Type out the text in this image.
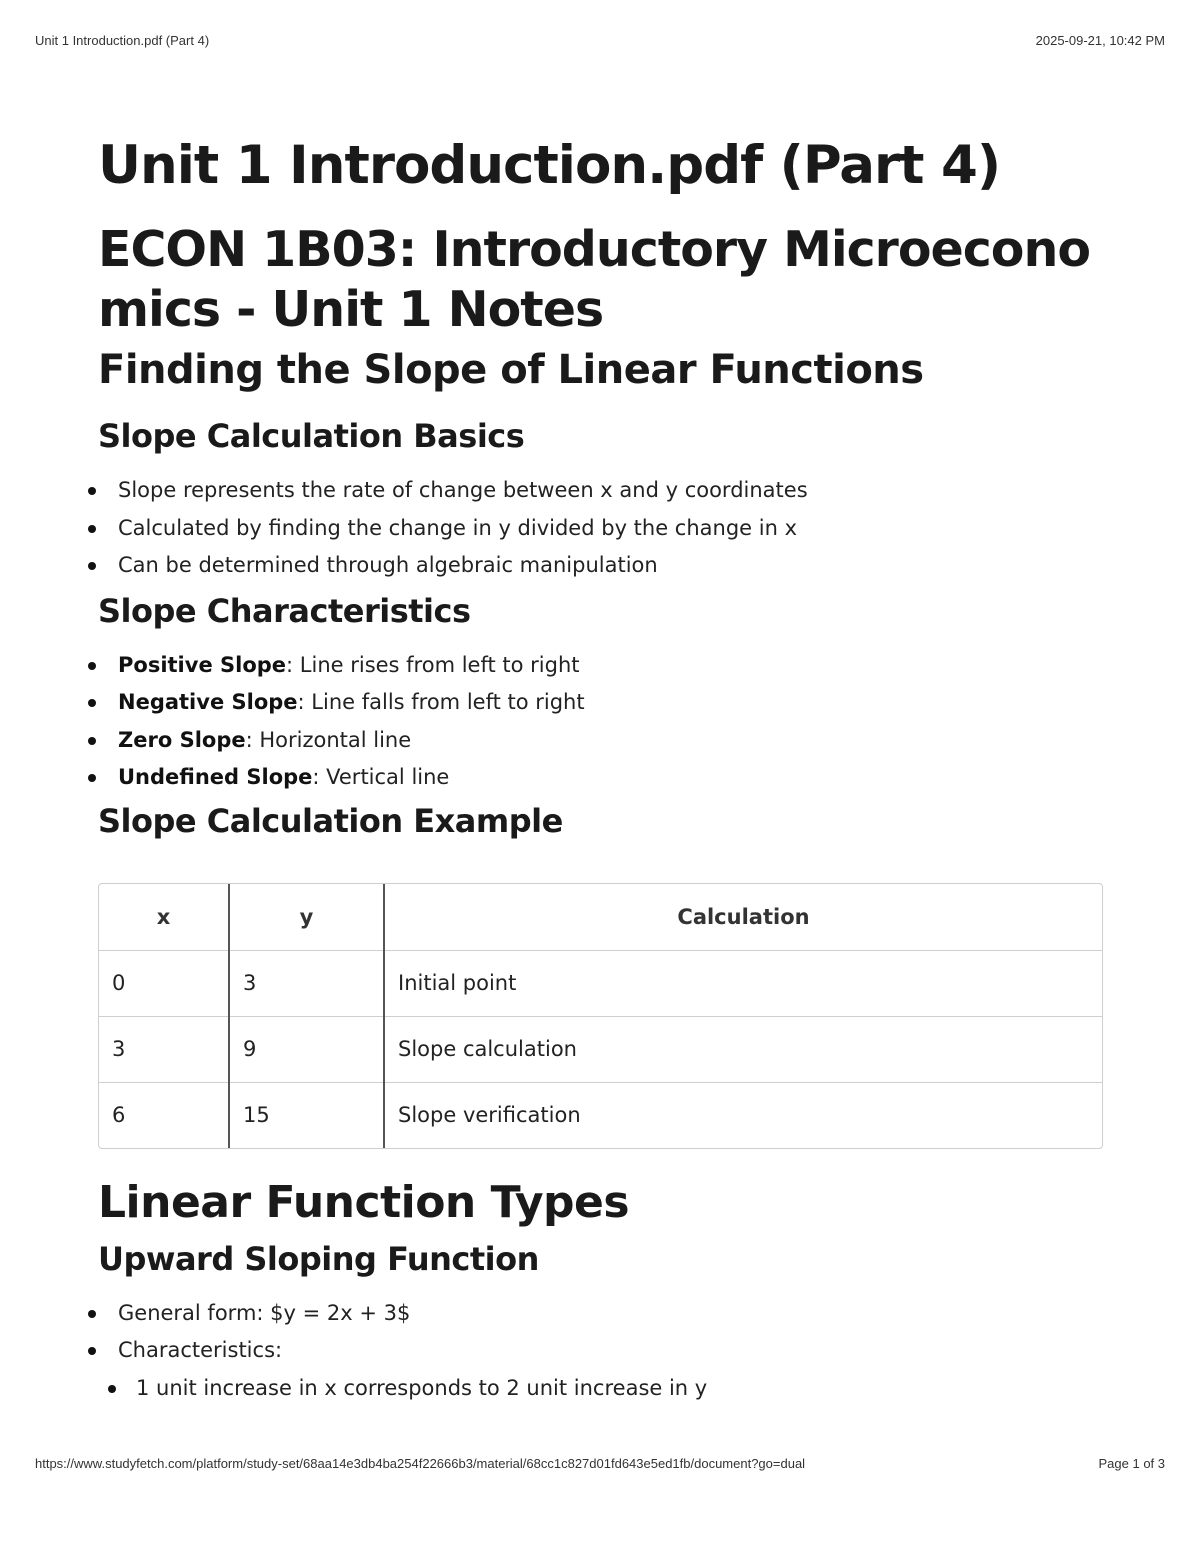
Unit 1 Introduction.pdf (Part 4)	2025-09-21, 10:42 PM
Unit 1 Introduction.pdf (Part 4)
ECON 1B03: Introductory Microeconomics - Unit 1 Notes
Finding the Slope of Linear Functions
Slope Calculation Basics
Slope represents the rate of change between x and y coordinates
Calculated by finding the change in y divided by the change in x
Can be determined through algebraic manipulation
Slope Characteristics
Positive Slope: Line rises from left to right
Negative Slope: Line falls from left to right
Zero Slope: Horizontal line
Undefined Slope: Vertical line
Slope Calculation Example
x	y	Calculation
0	3	Initial point
3	9	Slope calculation
6	15	Slope verification
Linear Function Types
Upward Sloping Function
General form: $y = 2x + 3$
Characteristics:
1 unit increase in x corresponds to 2 unit increase in y
https://www.studyfetch.com/platform/study-set/68aa14e3db4ba254f22666b3/material/68cc1c827d01fd643e5ed1fb/document?go=dual	Page 1 of 3
